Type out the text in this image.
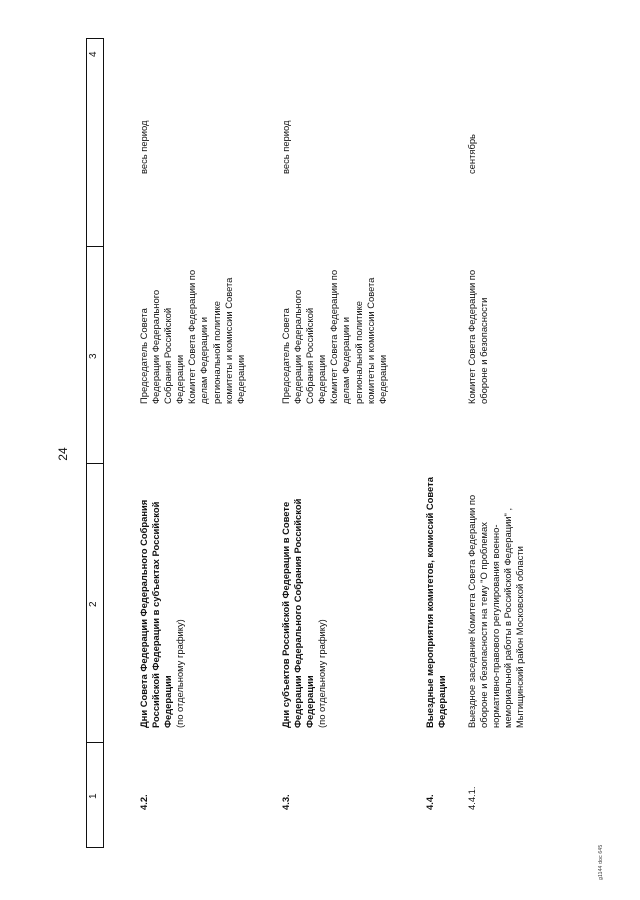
24
1
2
3
4
4.2.
Дни Совета Федерации Федерального Собрания
Российской Федерации в субъектах Российской
Федерации (по отдельному графику)
Председатель Совета
Федерации Федерального
Собрания Российской
Федерации
Комитет Совета Федерации по
делам Федерации и
региональной политике
комитеты и комиссии Совета
Федерации
весь период
4.3.
Дни субъектов Российской Федерации в Совете
Федерации Федерального Собрания Российской
Федерации (по отдельному графику)
Председатель Совета
Федерации Федерального
Собрания Российской
Федерации
Комитет Совета Федерации по
делам Федерации и
региональной политике
комитеты и комиссии Совета
Федерации
весь период
4.4.
Выездные мероприятия комитетов, комиссий Совета
Федерации
4.4.1.
Выездное заседание Комитета Совета Федерации по
обороне и безопасности на тему "О проблемах
нормативно-правового регулирования военно-
мемориальной работы в Российской Федерации" ,
Мытищинский район Московской области
Комитет Совета Федерации по
обороне и безопасности
сентябрь
g1144 doc 645
